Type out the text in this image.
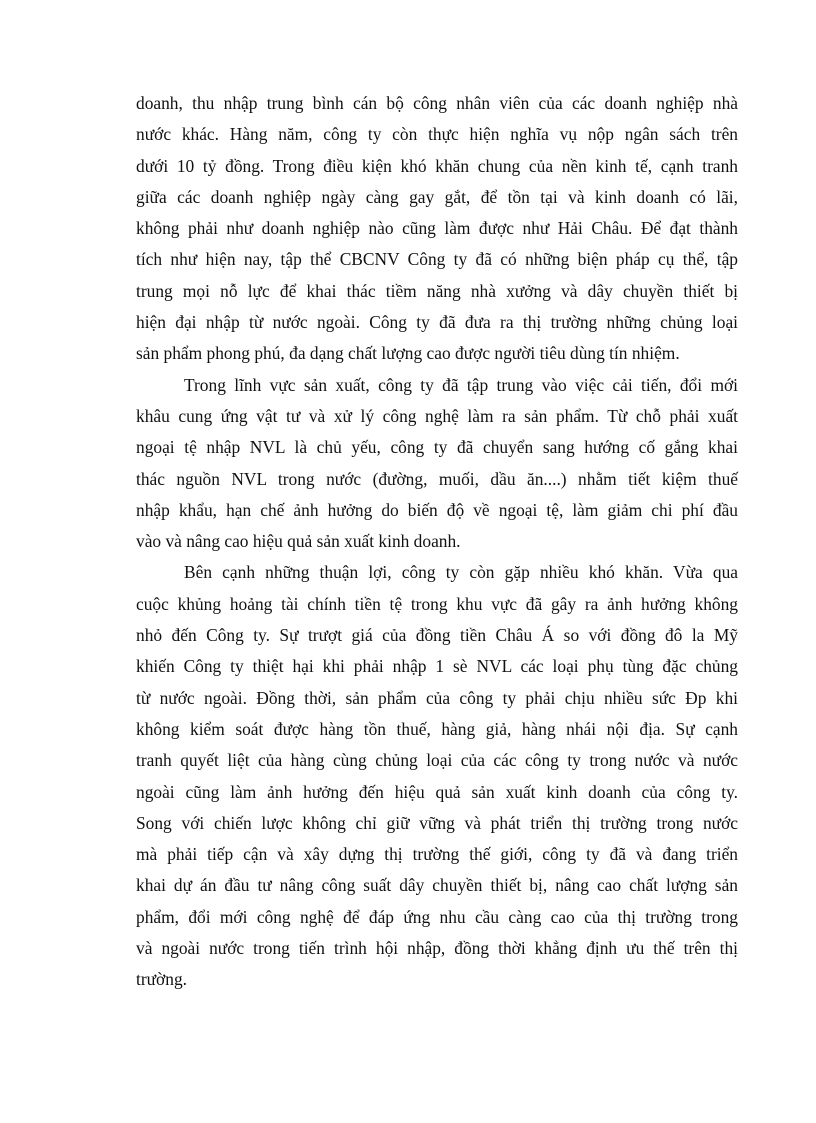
doanh, thu nhập trung bình cán bộ công nhân viên của các doanh nghiệp nhà
nước khác. Hàng năm, công ty còn thực hiện nghĩa vụ nộp ngân sách trên
dưới 10 tỷ đồng. Trong điều kiện khó khăn chung của nền kinh tế, cạnh tranh
giữa các doanh nghiệp ngày càng gay gắt, để tồn tại và kinh doanh có lãi,
không phải như doanh nghiệp nào cũng làm được như Hải Châu. Để đạt thành
tích như hiện nay, tập thể CBCNV Công ty đã có những biện pháp cụ thể, tập
trung mọi nỗ lực để khai thác tiềm năng nhà xưởng và dây chuyền thiết bị
hiện đại nhập từ nước ngoài. Công ty đã đưa ra thị trường những chủng loại
sản phẩm phong phú, đa dạng chất lượng cao được người tiêu dùng tín nhiệm.
Trong lĩnh vực sản xuất, công ty đã tập trung vào việc cải tiến, đổi mới
khâu cung ứng vật tư và xử lý công nghệ làm ra sản phẩm. Từ chỗ phải xuất
ngoại tệ nhập NVL là chủ yếu, công ty đã chuyển sang hướng cố gắng khai
thác nguồn NVL trong nước (đường, muối, dầu ăn....) nhằm tiết kiệm thuế
nhập khẩu, hạn chế ảnh hưởng do biến độ về ngoại tệ, làm giảm chi phí đầu
vào và nâng cao hiệu quả sản xuất kinh doanh.
Bên cạnh những thuận lợi, công ty còn gặp nhiều khó khăn. Vừa qua
cuộc khủng hoảng tài chính tiền tệ trong khu vực đã gây ra ảnh hưởng không
nhỏ đến Công ty. Sự trượt giá của đồng tiền Châu Á so với đồng đô la Mỹ
khiến Công ty thiệt hại khi phải nhập 1 sè NVL các loại phụ tùng đặc chủng
từ nước ngoài. Đồng thời, sản phẩm của công ty phải chịu nhiều sức Đp khi
không kiểm soát được hàng tồn thuế, hàng giả, hàng nhái nội địa. Sự cạnh
tranh quyết liệt của hàng cùng chủng loại của các công ty trong nước và nước
ngoài cũng làm ảnh hưởng đến hiệu quả sản xuất kinh doanh của công ty.
Song với chiến lược không chỉ giữ vững và phát triển thị trường trong nước
mà phải tiếp cận và xây dựng thị trường thế giới, công ty đã và đang triển
khai dự án đầu tư nâng công suất dây chuyền thiết bị, nâng cao chất lượng sản
phẩm, đổi mới công nghệ để đáp ứng nhu cầu càng cao của thị trường trong
và ngoài nước trong tiến trình hội nhập, đồng thời khẳng định ưu thế trên thị
trường.
